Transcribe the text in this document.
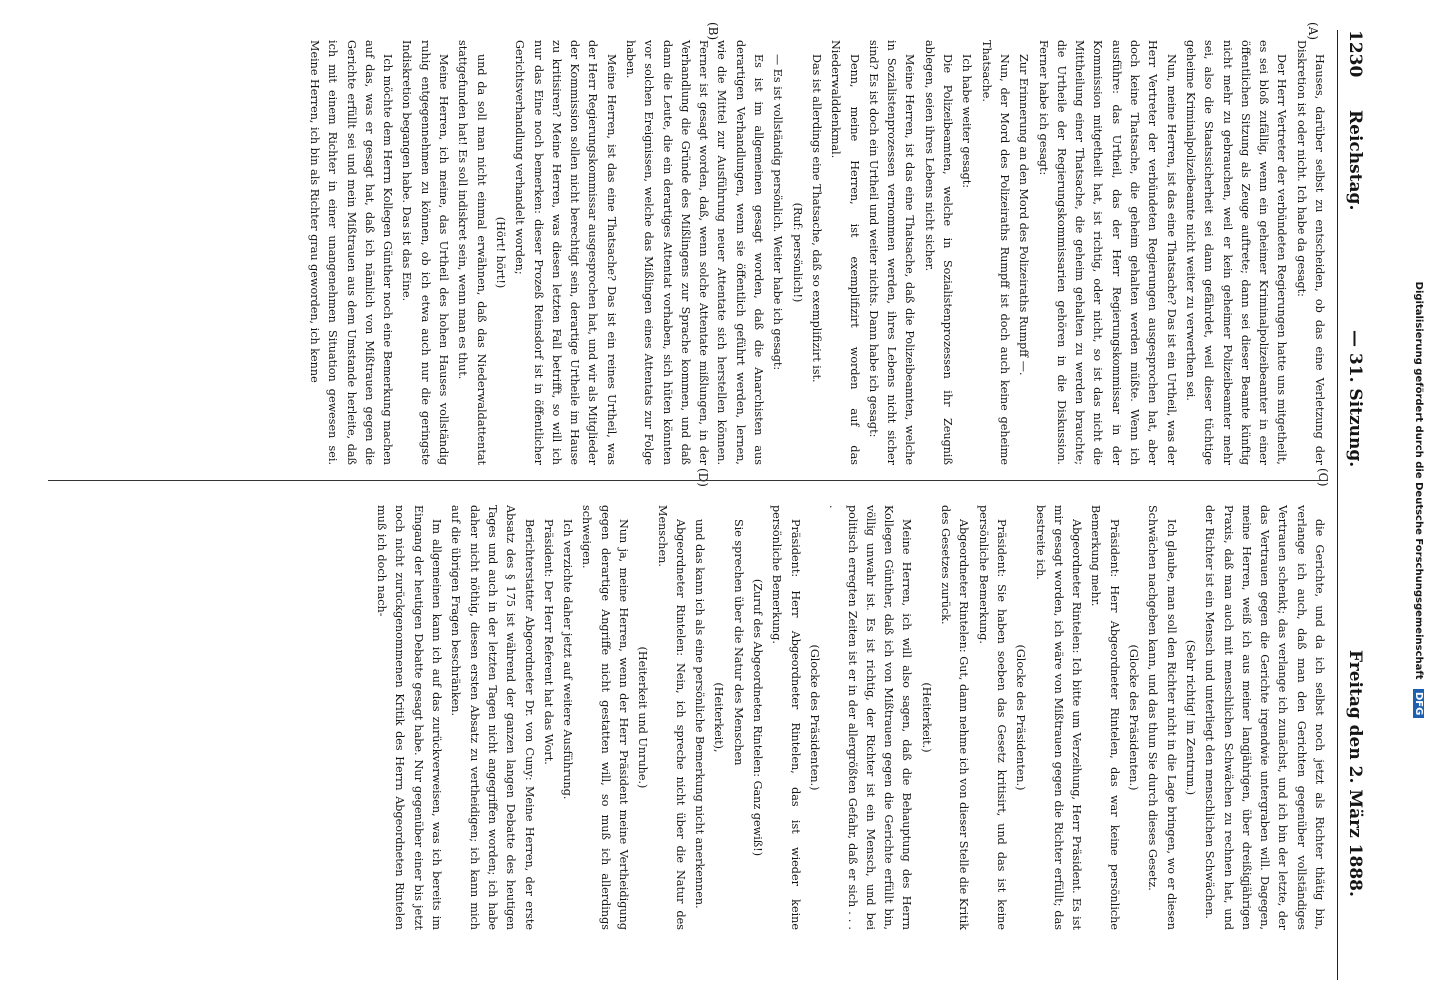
1230
Reichstag.
— 31. Sitzung.
Freitag den 2. März 1888.
(A)
(B)
(C)
(D)

Hauses, darüber selbst zu entscheiden, ob das eine Verletzung der Diskretion ist oder nicht. Ich habe da gesagt:

Der Herr Vertreter der verbündeten Regierungen hatte uns mitgetheilt, es sei bloß zufällig, wenn ein geheimer Kriminalpolizeibeamter in einer öffentlichen Sitzung als Zeuge auftrete; dann sei dieser Beamte künftig nicht mehr zu gebrauchen, weil er kein geheimer Polizeibeamter mehr sei, also die Staatssicherheit sei dann gefährdet, weil dieser tüchtige geheime Kriminalpolizeibeamte nicht weiter zu verwerthen sei.

Nun, meine Herren, ist das eine Thatsache? Das ist ein Urtheil, was der Herr Vertreter der verbündeten Regierungen ausgesprochen hat, aber doch keine Thatsache, die geheim gehalten werden müßte. Wenn ich ausführe: das Urtheil, das der Herr Regierungskommissar in der Kommission mitgetheilt hat, ist richtig, oder nicht, so ist das nicht die Mittheilung einer Thatsache, die geheim gehalten zu werden brauchte; die Urtheile der Regierungskommissarien gehören in die Diskussion. Ferner habe ich gesagt:

Zur Erinnerung an den Mord des Polizeiraths Rumpff —.

Nun, der Mord des Polizeiraths Rumpff ist doch auch keine geheime Thatsache.

Ich habe weiter gesagt:

Die Polizeibeamten, welche in Sozialistenprozessen ihr Zeugniß ablegen, seien ihres Lebens nicht sicher.

Meine Herren, ist das eine Thatsache, daß die Polizeibeamten, welche in Sozialistenprozessen vernommen werden, ihres Lebens nicht sicher sind? Es ist doch ein Urtheil und weiter nichts. Dann habe ich gesagt:

Denn, meine Herren, ist exemplifizirt worden auf das Niederwalddenkmal.

Das ist allerdings eine Thatsache, daß so exemplifizirt ist.

(Ruf: persönlich!)

— Es ist vollständig persönlich. Weiter habe ich gesagt:

Es ist im allgemeinen gesagt worden, daß die Anarchisten aus derartigen Verhandlungen, wenn sie öffentlich geführt werden, lernen, wie die Mittel zur Ausführung neuer Attentate sich herstellen können. Ferner ist gesagt worden, daß, wenn solche Attentate mißlungen, in der Verhandlung die Gründe des Mißlingens zur Sprache kommen, und daß dann die Leute, die ein derartiges Attentat vorhaben, sich hüten könnten vor solchen Ereignissen, welche das Mißlingen eines Attentats zur Folge haben.

Meine Herren, ist das eine Thatsache? Das ist ein reines Urtheil, was der Herr Regierungskommissar ausgesprochen hat, und wir als Mitglieder der Kommission sollen nicht berechtigt sein, derartige Urtheile im Hause zu kritisiren? Meine Herren, was diesen letzten Fall betrifft, so will ich nur das Eine noch bemerken: dieser Prozeß Reinsdorf ist in öffentlicher Gerichtsverhandlung verhandelt worden;

(Hört! hört!)

und da soll man nicht einmal erwähnen, daß das Niederwaldattentat stattgefunden hat! Es soll indiskret sein, wenn man es thut.

Meine Herren, ich meine, das Urtheil des hohen Hauses vollständig ruhig entgegennehmen zu können, ob ich etwa auch nur die geringste Indiskretion begangen habe. Das ist das Eine.

Ich möchte dem Herrn Kollegen Günther noch eine Bemerkung machen auf das, was er gesagt hat, daß ich nämlich von Mißtrauen gegen die Gerichte erfüllt sei und mein Mißtrauen aus dem Umstande herleite, daß ich mit einem Richter in einer unangenehmen Situation gewesen sei. Meine Herren, ich bin als Richter grau geworden, ich kenne

die Gerichte, und da ich selbst noch jetzt als Richter thätig bin, verlange ich auch, daß man den Gerichten gegenüber vollständiges Vertrauen schenkt; das verlange ich zunächst, und ich bin der letzte, der das Vertrauen gegen die Gerichte irgendwie untergraben will. Dagegen, meine Herren, weiß ich aus meiner langjährigen, über dreißigjährigen Praxis, daß man auch mit menschlichen Schwächen zu rechnen hat, und der Richter ist ein Mensch und unterliegt den menschlichen Schwächen.

(Sehr richtig! im Zentrum.)

Ich glaube, man soll den Richter nicht in die Lage bringen, wo er diesen Schwächen nachgeben kann, und das thun Sie durch dieses Gesetz.

(Glocke des Präsidenten.)

Präsident: Herr Abgeordneter Rintelen, das war keine persönliche Bemerkung mehr.

Abgeordneter Rintelen: Ich bitte um Verzeihung, Herr Präsident. Es ist mir gesagt worden, ich wäre von Mißtrauen gegen die Richter erfüllt; das bestreite ich.

(Glocke des Präsidenten.)

Präsident: Sie haben soeben das Gesetz kritisirt, und das ist keine persönliche Bemerkung.

Abgeordneter Rintelen: Gut, dann nehme ich von dieser Stelle die Kritik des Gesetzes zurück.

(Heiterkeit.)

Meine Herren, ich will also sagen, daß die Behauptung des Herrn Kollegen Günther, daß ich von Mißtrauen gegen die Gerichte erfüllt bin, völlig unwahr ist. Es ist richtig, der Richter ist ein Mensch, und bei politisch erregten Zeiten ist er in der allergrößten Gefahr, daß er sich . . . .

(Glocke des Präsidenten.)

Präsident: Herr Abgeordneter Rintelen, das ist wieder keine persönliche Bemerkung.

(Zuruf des Abgeordneten Rintelen: Ganz gewiß!)

Sie sprechen über die Natur des Menschen

(Heiterkeit),

und das kann ich als eine persönliche Bemerkung nicht anerkennen.

Abgeordneter Rintelen: Nein, ich spreche nicht über die Natur des Menschen.

(Heiterkeit und Unruhe.)

Nun ja, meine Herren, wenn der Herr Präsident meine Vertheidigung gegen derartige Angriffe nicht gestatten will, so muß ich allerdings schweigen.

Ich verzichte daher jetzt auf weitere Ausführung.

Präsident: Der Herr Referent hat das Wort.

Berichterstatter Abgeordneter Dr. von Cuny: Meine Herren, der erste Absatz des § 175 ist während der ganzen langen Debatte des heutigen Tages und auch in der letzten Tagen nicht angegriffen worden; ich habe daher nicht nöthig, diesen ersten Absatz zu vertheidigen; ich kann mich auf die übrigen Fragen beschränken.

Im allgemeinen kann ich auf das zurückverweisen, was ich bereits im Eingang der heutigen Debatte gesagt habe. Nur gegenüber einer bis jetzt noch nicht zurückgenommenen Kritik des Herrn Abgeordneten Rintelen muß ich doch nach-	Digitalisierung gefördert durch die Deutsche Forschungsgemeinschaft DFG
